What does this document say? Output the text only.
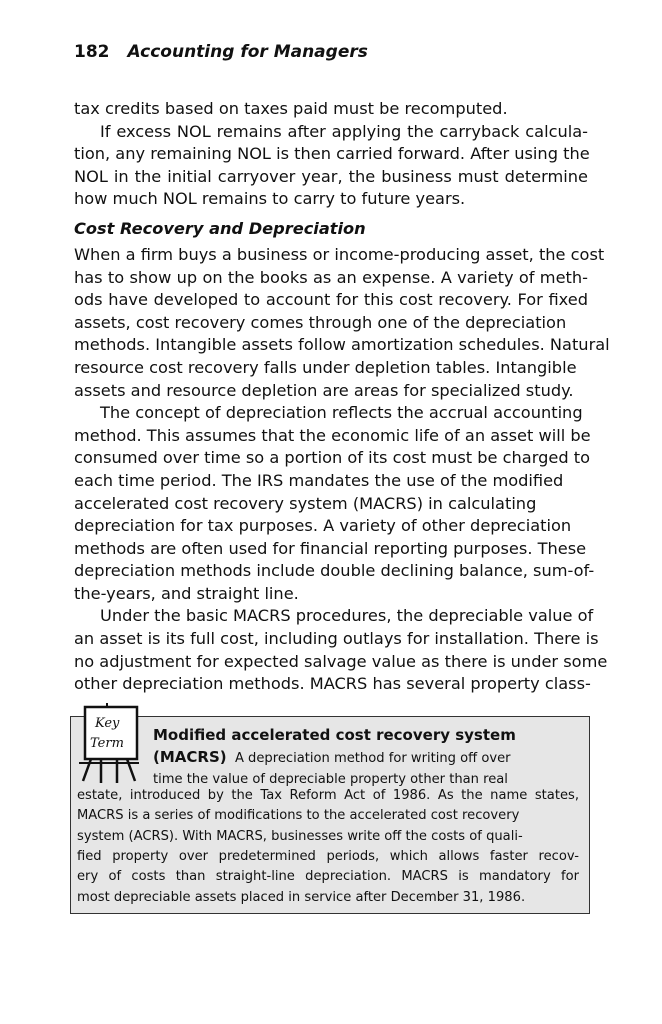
182 Accounting for Managers
tax credits based on taxes paid must be recomputed.
If excess NOL remains after applying the carryback calcula-
tion, any remaining NOL is then carried forward. After using the
NOL in the initial carryover year, the business must determine
how much NOL remains to carry to future years.
Cost Recovery and Depreciation
When a firm buys a business or income-producing asset, the cost
has to show up on the books as an expense. A variety of meth-
ods have developed to account for this cost recovery. For fixed
assets, cost recovery comes through one of the depreciation
methods. Intangible assets follow amortization schedules. Natural
resource cost recovery falls under depletion tables. Intangible
assets and resource depletion are areas for specialized study.
The concept of depreciation reflects the accrual accounting
method. This assumes that the economic life of an asset will be
consumed over time so a portion of its cost must be charged to
each time period. The IRS mandates the use of the modified
accelerated cost recovery system (MACRS) in calculating
depreciation for tax purposes. A variety of other depreciation
methods are often used for financial reporting purposes. These
depreciation methods include double declining balance, sum-of-
the-years, and straight line.
Under the basic MACRS procedures, the depreciable value of
an asset is its full cost, including outlays for installation. There is
no adjustment for expected salvage value as there is under some
other depreciation methods. MACRS has several property class-
Key
Term Modified accelerated cost recovery system
(MACRS) A depreciation method for writing off over
time the value of depreciable property other than real
estate, introduced by the Tax Reform Act of 1986. As the name states,
MACRS is a series of modifications to the accelerated cost recovery
system (ACRS). With MACRS, businesses write off the costs of quali-
fied property over predetermined periods, which allows faster recov-
ery of costs than straight-line depreciation. MACRS is mandatory for
most depreciable assets placed in service after December 31, 1986.
